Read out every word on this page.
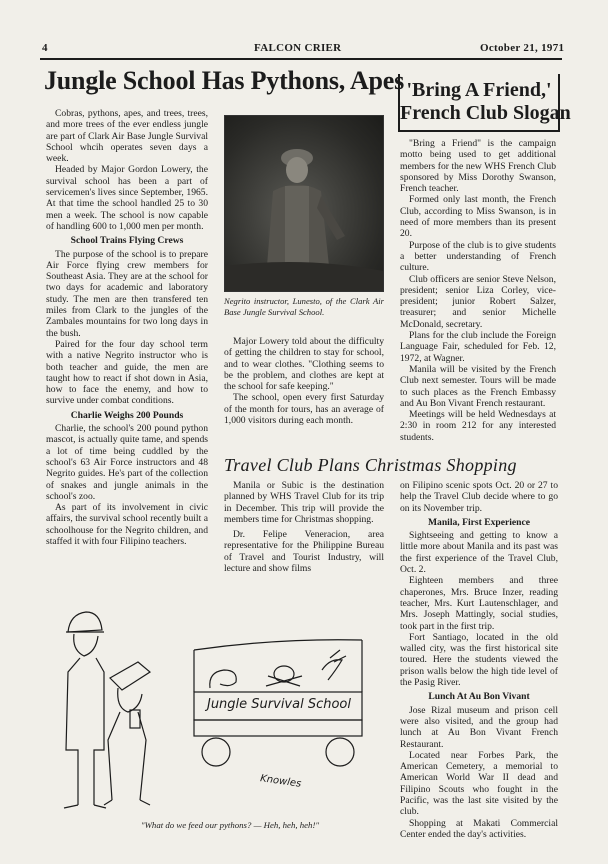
4	FALCON CRIER	October 21, 1971
Jungle School Has Pythons, Apes

Cobras, pythons, apes, and trees, trees, and more trees of the ever endless jungle are part of Clark Air Base Jungle Survival School whcih operates seven days a week.

Headed by Major Gordon Lowery, the survival school has been a part of servicemen's lives since September, 1965. At that time the school handled 25 to 30 men a week. The school is now capable of handling 600 to 1,000 men per month.

School Trains Flying Crews

The purpose of the school is to prepare Air Force flying crew members for Southeast Asia. They are at the school for two days for academic and laboratory study. The men are then transfered ten miles from Clark to the jungles of the Zambales mountains for two long days in the bush.

Paired for the four day school term with a native Negrito instructor who is both teacher and guide, the men are taught how to react if shot down in Asia, how to face the enemy, and how to survive under combat conditions.

Charlie Weighs 200 Pounds

Charlie, the school's 200 pound python mascot, is actually quite tame, and spends a lot of time being cuddled by the school's 63 Air Force instructors and 48 Negrito guides. He's part of the collection of snakes and jungle animals in the school's zoo.

As part of its involvement in civic affairs, the survival school recently built a schoolhouse for the Negrito children, and staffed it with four Filipino teachers.

Negrito instructor, Lunesto, of the Clark Air Base Jungle Survival School.

Major Lowery told about the difficulty of getting the children to stay for school, and to wear clothes. "Clothing seems to be the problem, and clothes are kept at the school for safe keeping."

The school, open every first Saturday of the month for tours, has an average of 1,000 visitors during each month.

'Bring A Friend,'
French Club Slogan

"Bring a Friend" is the campaign motto being used to get additional members for the new WHS French Club sponsored by Miss Dorothy Swanson, French teacher.

Formed only last month, the French Club, according to Miss Swanson, is in need of more members than its present 20.

Purpose of the club is to give students a better understanding of French culture.

Club officers are senior Steve Nelson, president; senior Liza Corley, vice-president; junior Robert Salzer, treasurer; and senior Michelle McDonald, secretary.

Plans for the club include the Foreign Language Fair, scheduled for Feb. 12, 1972, at Wagner.

Manila will be visited by the French Club next semester. Tours will be made to such places as the French Embassy and Au Bon Vivant French restaurant.

Meetings will be held Wednesdays at 2:30 in room 212 for any interested students.

Travel Club Plans Christmas Shopping

Manila or Subic is the destination planned by WHS Travel Club for its trip in December. This trip will provide the members time for Christmas shopping.

Dr. Felipe Veneracion, area representative for the Philippine Bureau of Travel and Tourist Industry, will lecture and show films

on Filipino scenic spots Oct. 20 or 27 to help the Travel Club decide where to go on its November trip.

Manila, First Experience

Sightseeing and getting to know a little more about Manila and its past was the first experience of the Travel Club, Oct. 2.

Eighteen members and three chaperones, Mrs. Bruce Inzer, reading teacher, Mrs. Kurt Lautenschlager, and Mrs. Joseph Mattingly, social studies, took part in the first trip.

Fort Santiago, located in the old walled city, was the first historical site toured. Here the students viewed the prison walls below the high tide level of the Pasig River.

Lunch At Au Bon Vivant

Jose Rizal museum and prison cell were also visited, and the group had lunch at Au Bon Vivant French Restaurant.

Located near Forbes Park, the American Cemetery, a memorial to American World War II dead and Filipino Scouts who fought in the Pacific, was the last site visited by the club.

Shopping at Makati Commercial Center ended the day's activities.

Jungle Survival School
Knowles
"What do we feed our pythons? — Heh, heh, heh!"
